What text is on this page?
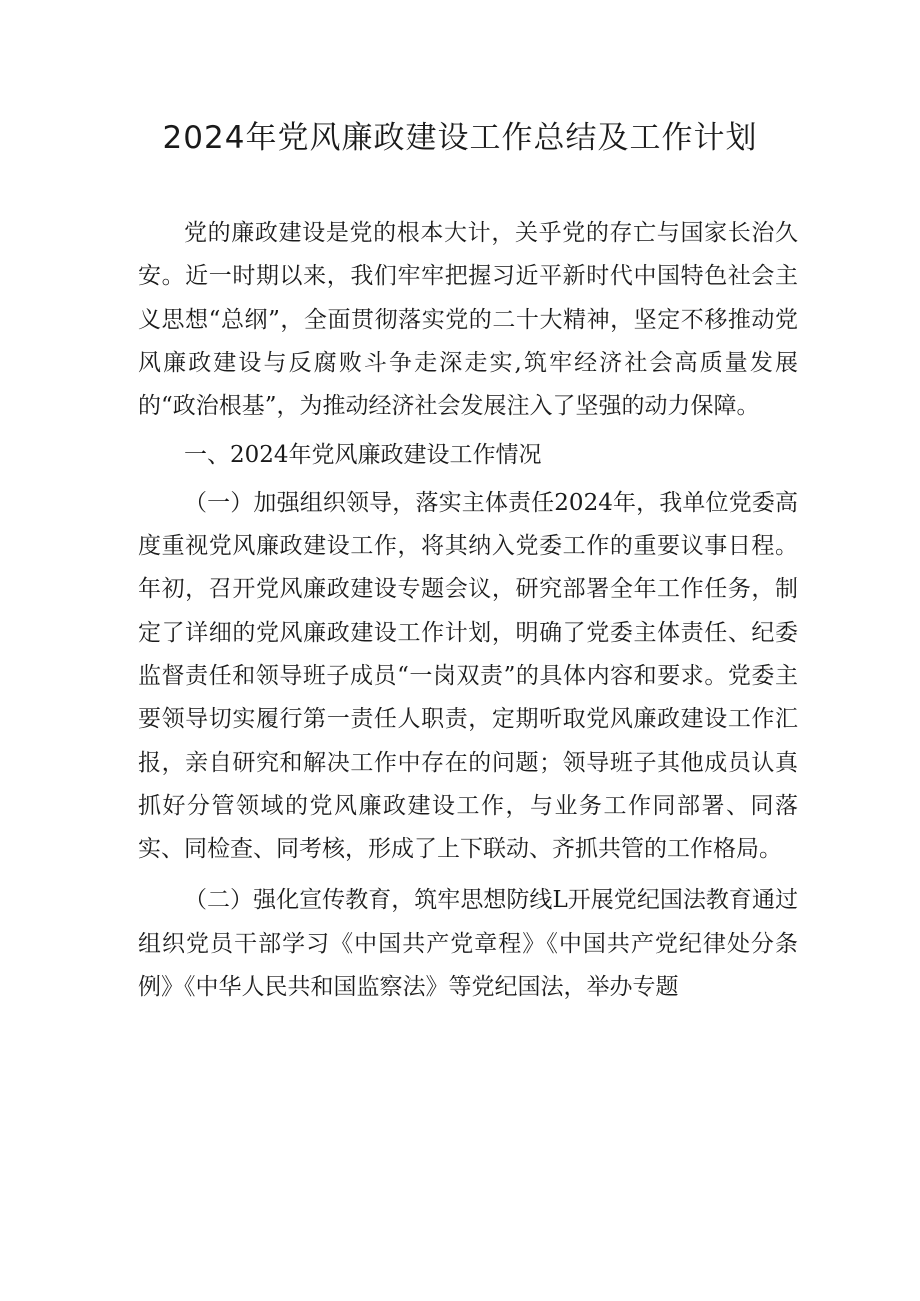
2024年党风廉政建设工作总结及工作计划

党的廉政建设是党的根本大计，关乎党的存亡与国家长治久安。近一时期以来，我们牢牢把握习近平新时代中国特色社会主义思想“总纲”，全面贯彻落实党的二十大精神，坚定不移推动党风廉政建设与反腐败斗争走深走实,筑牢经济社会高质量发展的“政治根基”，为推动经济社会发展注入了坚强的动力保障。

一、2024年党风廉政建设工作情况

（一）加强组织领导，落实主体责任2024年，我单位党委高度重视党风廉政建设工作，将其纳入党委工作的重要议事日程。年初，召开党风廉政建设专题会议，研究部署全年工作任务，制定了详细的党风廉政建设工作计划，明确了党委主体责任、纪委监督责任和领导班子成员“一岗双责”的具体内容和要求。党委主要领导切实履行第一责任人职责，定期听取党风廉政建设工作汇报，亲自研究和解决工作中存在的问题；领导班子其他成员认真抓好分管领域的党风廉政建设工作，与业务工作同部署、同落实、同检查、同考核，形成了上下联动、齐抓共管的工作格局。

（二）强化宣传教育，筑牢思想防线L开展党纪国法教育通过组织党员干部学习《中国共产党章程》《中国共产党纪律处分条例》《中华人民共和国监察法》等党纪国法，举办专题
